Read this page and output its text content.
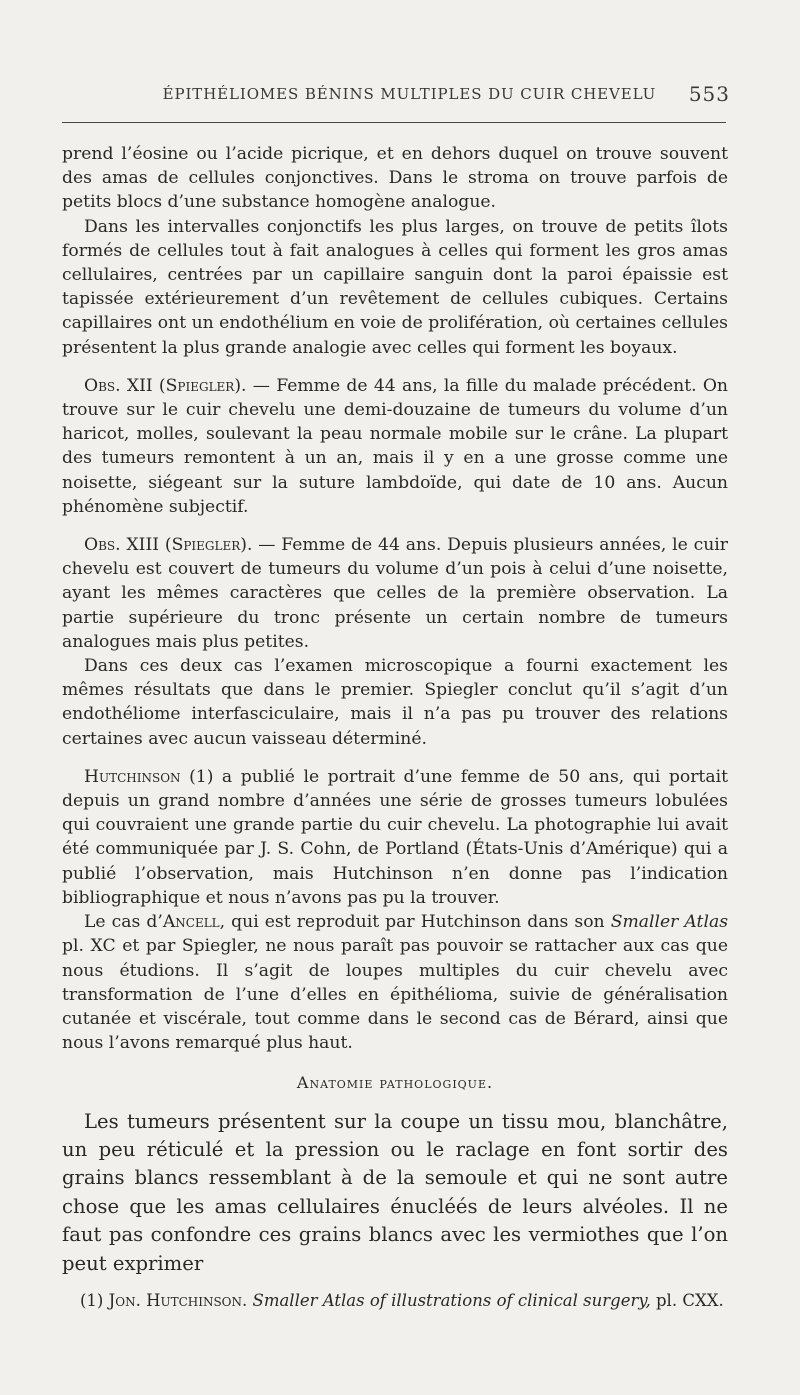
ÉPITHÉLIOMES BÉNINS MULTIPLES DU CUIR CHEVELU	553

prend l’éosine ou l’acide picrique, et en dehors duquel on trouve souvent des amas de cellules conjonctives. Dans le stroma on trouve parfois de petits blocs d’une substance homogène analogue.

Dans les intervalles conjonctifs les plus larges, on trouve de petits îlots formés de cellules tout à fait analogues à celles qui forment les gros amas cellulaires, centrées par un capillaire sanguin dont la paroi épaissie est tapissée extérieurement d’un revêtement de cellules cubiques. Certains capillaires ont un endothélium en voie de prolifération, où certaines cellules présentent la plus grande analogie avec celles qui forment les boyaux.

Obs. XII (Spiegler). — Femme de 44 ans, la fille du malade précédent. On trouve sur le cuir chevelu une demi-douzaine de tumeurs du volume d’un haricot, molles, soulevant la peau normale mobile sur le crâne. La plupart des tumeurs remontent à un an, mais il y en a une grosse comme une noisette, siégeant sur la suture lambdoïde, qui date de 10 ans. Aucun phénomène subjectif.

Obs. XIII (Spiegler). — Femme de 44 ans. Depuis plusieurs années, le cuir chevelu est couvert de tumeurs du volume d’un pois à celui d’une noisette, ayant les mêmes caractères que celles de la première observation. La partie supérieure du tronc présente un certain nombre de tumeurs analogues mais plus petites.

Dans ces deux cas l’examen microscopique a fourni exactement les mêmes résultats que dans le premier. Spiegler conclut qu’il s’agit d’un endothéliome interfasciculaire, mais il n’a pas pu trouver des relations certaines avec aucun vaisseau déterminé.

Hutchinson (1) a publié le portrait d’une femme de 50 ans, qui portait depuis un grand nombre d’années une série de grosses tumeurs lobulées qui couvraient une grande partie du cuir chevelu. La photographie lui avait été communiquée par J. S. Cohn, de Portland (États-Unis d’Amérique) qui a publié l’observation, mais Hutchinson n’en donne pas l’indication bibliographique et nous n’avons pas pu la trouver.

Le cas d’Ancell, qui est reproduit par Hutchinson dans son Smaller Atlas pl. XC et par Spiegler, ne nous paraît pas pouvoir se rattacher aux cas que nous étudions. Il s’agit de loupes multiples du cuir chevelu avec transformation de l’une d’elles en épithélioma, suivie de généralisation cutanée et viscérale, tout comme dans le second cas de Bérard, ainsi que nous l’avons remarqué plus haut.

Anatomie pathologique.

Les tumeurs présentent sur la coupe un tissu mou, blanchâtre, un peu réticulé et la pression ou le raclage en font sortir des grains blancs ressemblant à de la semoule et qui ne sont autre chose que les amas cellulaires énucléés de leurs alvéoles. Il ne faut pas confondre ces grains blancs avec les vermiothes que l’on peut exprimer

(1) Jon. Hutchinson. Smaller Atlas of illustrations of clinical surgery, pl. CXX.
